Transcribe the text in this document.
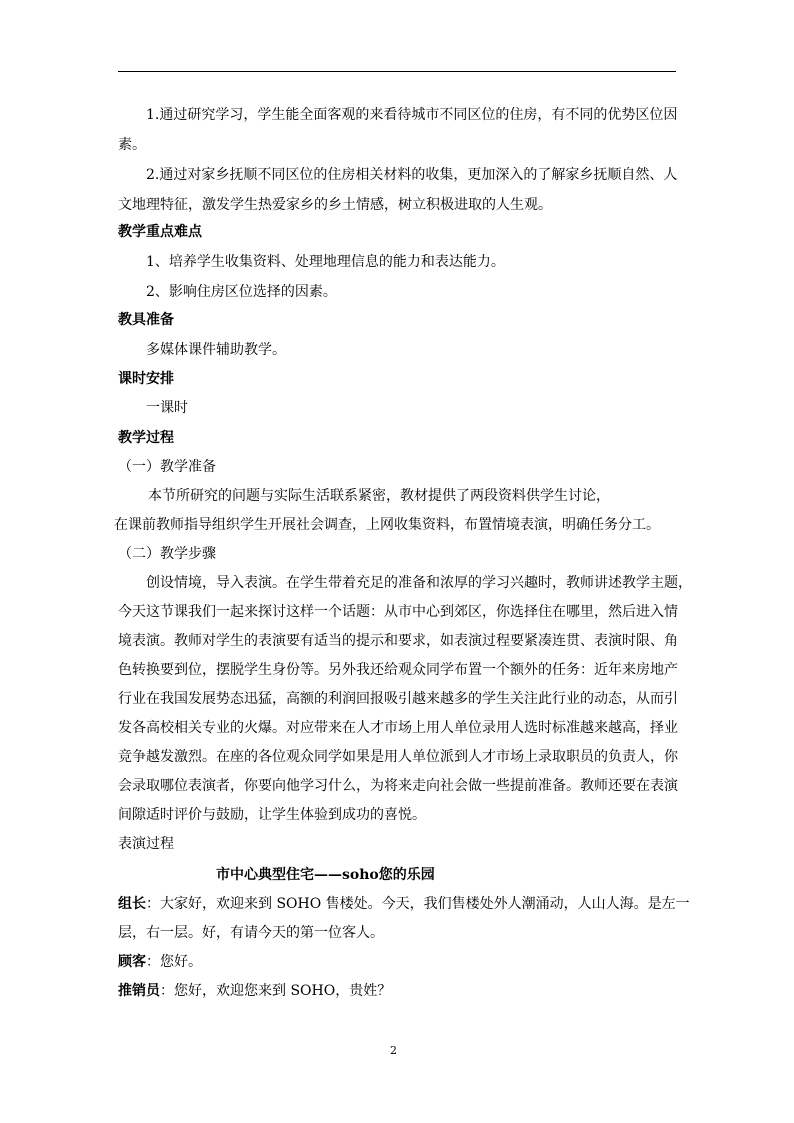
1.通过研究学习，学生能全面客观的来看待城市不同区位的住房，有不同的优势区位因
素。
2.通过对家乡抚顺不同区位的住房相关材料的收集，更加深入的了解家乡抚顺自然、人
文地理特征，激发学生热爱家乡的乡土情感，树立积极进取的人生观。
教学重点难点
1、培养学生收集资料、处理地理信息的能力和表达能力。
2、影响住房区位选择的因素。
教具准备
多媒体课件辅助教学。
课时安排
一课时
教学过程
（一）教学准备
本节所研究的问题与实际生活联系紧密，教材提供了两段资料供学生讨论，
在课前教师指导组织学生开展社会调查，上网收集资料，布置情境表演，明确任务分工。
（二）教学步骤
创设情境，导入表演。在学生带着充足的准备和浓厚的学习兴趣时，教师讲述教学主题，
今天这节课我们一起来探讨这样一个话题：从市中心到郊区，你选择住在哪里，然后进入情
境表演。教师对学生的表演要有适当的提示和要求，如表演过程要紧凑连贯、表演时限、角
色转换要到位，摆脱学生身份等。另外我还给观众同学布置一个额外的任务：近年来房地产
行业在我国发展势态迅猛，高额的利润回报吸引越来越多的学生关注此行业的动态，从而引
发各高校相关专业的火爆。对应带来在人才市场上用人单位录用人选时标准越来越高，择业
竞争越发激烈。在座的各位观众同学如果是用人单位派到人才市场上录取职员的负责人，你
会录取哪位表演者，你要向他学习什么，为将来走向社会做一些提前准备。教师还要在表演
间隙适时评价与鼓励，让学生体验到成功的喜悦。
表演过程
市中心典型住宅——soho您的乐园
组长：大家好，欢迎来到 SOHO 售楼处。今天，我们售楼处外人潮涌动，人山人海。是左一
层，右一层。好，有请今天的第一位客人。
顾客：您好。
推销员：您好，欢迎您来到 SOHO，贵姓？
2
